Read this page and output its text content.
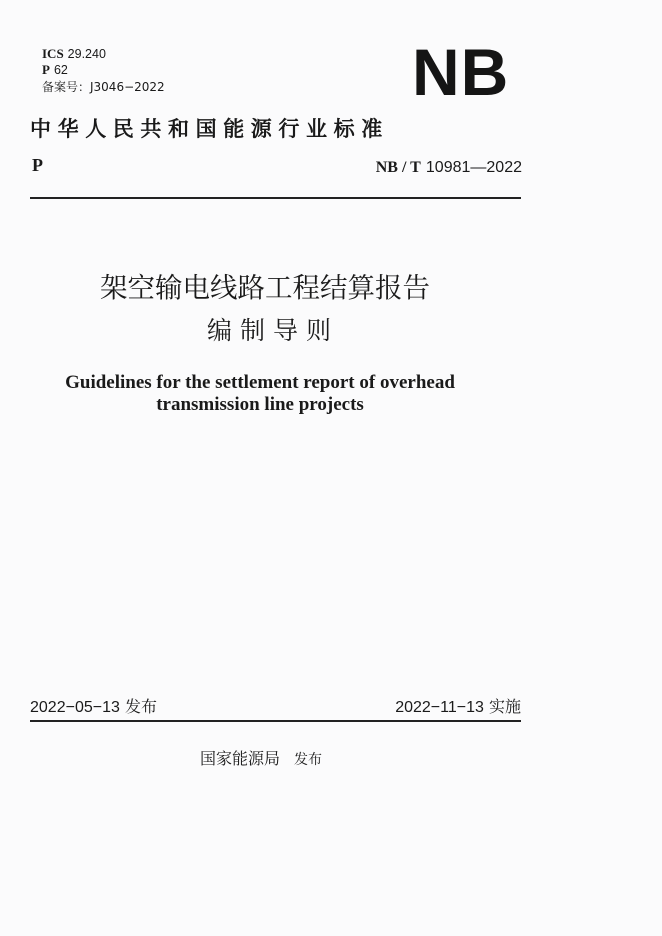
ICS 29.240
P 62
备案号：J3046−2022	NB
中华人民共和国能源行业标准
P	NB / T 10981—2022
架空输电线路工程结算报告
编制导则
Guidelines for the settlement report of overhead
transmission line projects
2022−05−13 发布	2022−11−13 实施
国家能源局 发布
